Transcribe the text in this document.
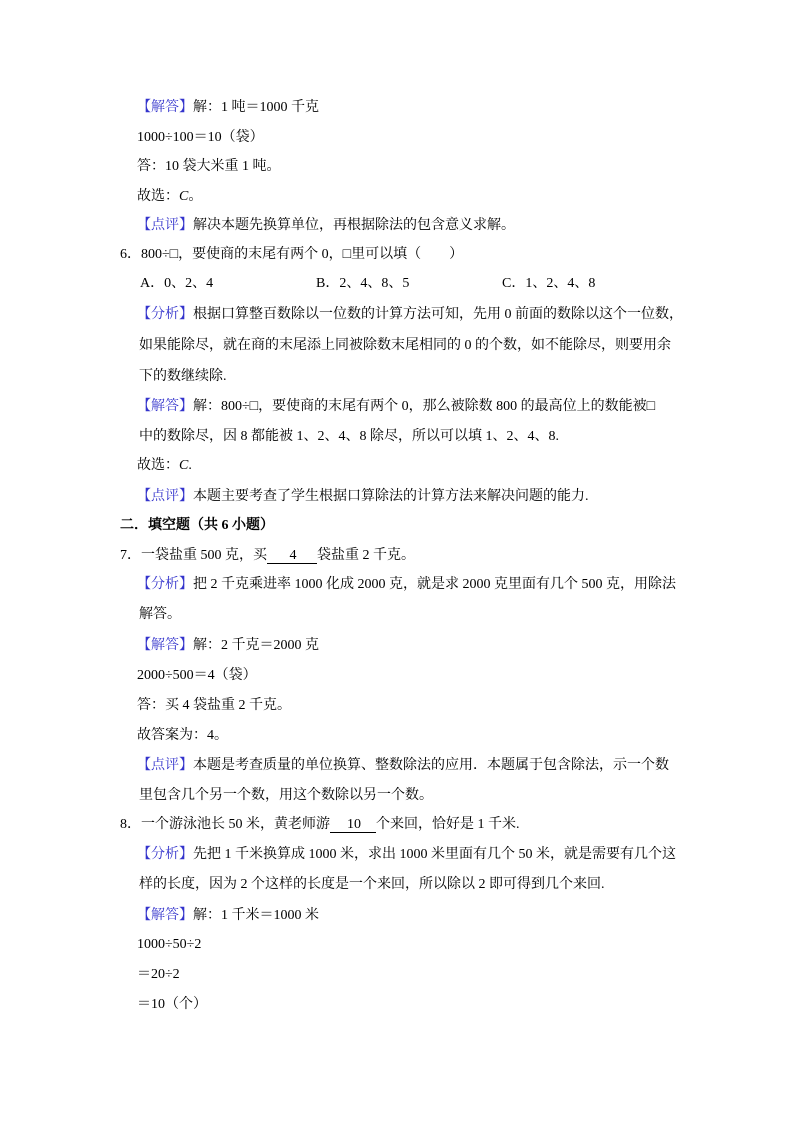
【解答】解：1 吨＝1000 千克
1000÷100＝10（袋）
答：10 袋大米重 1 吨。
故选：C。
【点评】解决本题先换算单位，再根据除法的包含意义求解。
6．800÷□，要使商的末尾有两个 0，□里可以填（　　）
A．0、2、4	B．2、4、8、5	C．1、2、4、8
【分析】根据口算整百数除以一位数的计算方法可知，先用 0 前面的数除以这个一位数，
如果能除尽，就在商的末尾添上同被除数末尾相同的 0 的个数，如不能除尽，则要用余
下的数继续除.
【解答】解：800÷□，要使商的末尾有两个 0，那么被除数 800 的最高位上的数能被□
中的数除尽，因 8 都能被 1、2、4、8 除尽，所以可以填 1、2、4、8.
故选：C.
【点评】本题主要考查了学生根据口算除法的计算方法来解决问题的能力.
二．填空题（共 6 小题）
7．一袋盐重 500 克，买 4 袋盐重 2 千克。
【分析】把 2 千克乘进率 1000 化成 2000 克，就是求 2000 克里面有几个 500 克，用除法
解答。
【解答】解：2 千克＝2000 克
2000÷500＝4（袋）
答：买 4 袋盐重 2 千克。
故答案为：4。
【点评】本题是考查质量的单位换算、整数除法的应用．本题属于包含除法，示一个数
里包含几个另一个数，用这个数除以另一个数。
8．一个游泳池长 50 米，黄老师游 10 个来回，恰好是 1 千米.
【分析】先把 1 千米换算成 1000 米，求出 1000 米里面有几个 50 米，就是需要有几个这
样的长度，因为 2 个这样的长度是一个来回，所以除以 2 即可得到几个来回.
【解答】解：1 千米＝1000 米
1000÷50÷2
＝20÷2
＝10（个）
